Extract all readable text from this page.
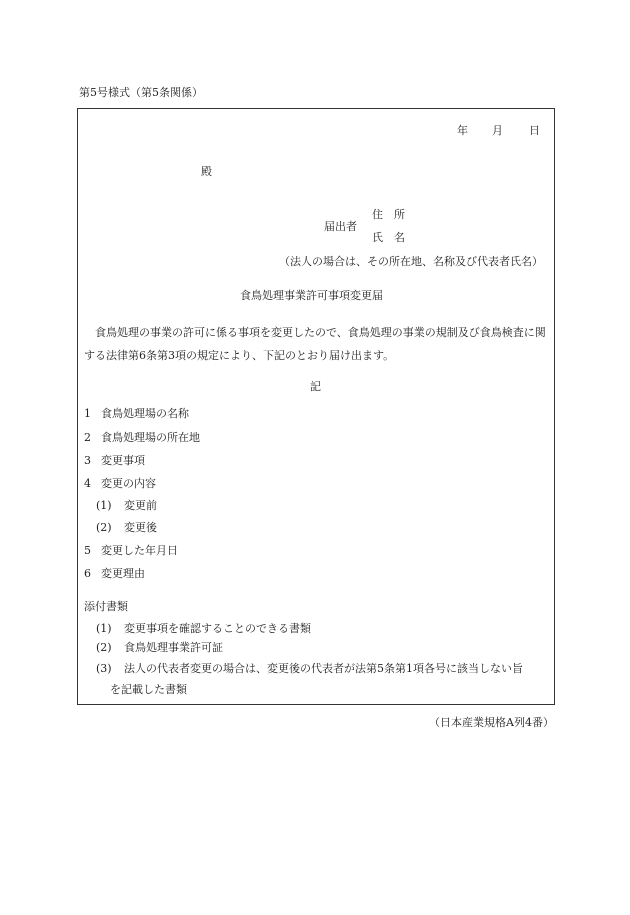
第5号様式（第5条関係）
年 月 日
殿
届出者
住　所
氏　名
（法人の場合は、その所在地、名称及び代表者氏名）
食鳥処理事業許可事項変更届

食鳥処理の事業の許可に係る事項を変更したので、食鳥処理の事業の規制及び食鳥検査に関する法律第6条第3項の規定により、下記のとおり届け出ます。

記
1 食鳥処理場の名称
2 食鳥処理場の所在地
3 変更事項
4 変更の内容
(1) 変更前
(2) 変更後
5 変更した年月日
6 変更理由
添付書類
(1) 変更事項を確認することのできる書類
(2) 食鳥処理事業許可証
(3) 法人の代表者変更の場合は、変更後の代表者が法第5条第1項各号に該当しない旨
を記載した書類
（日本産業規格A列4番）
